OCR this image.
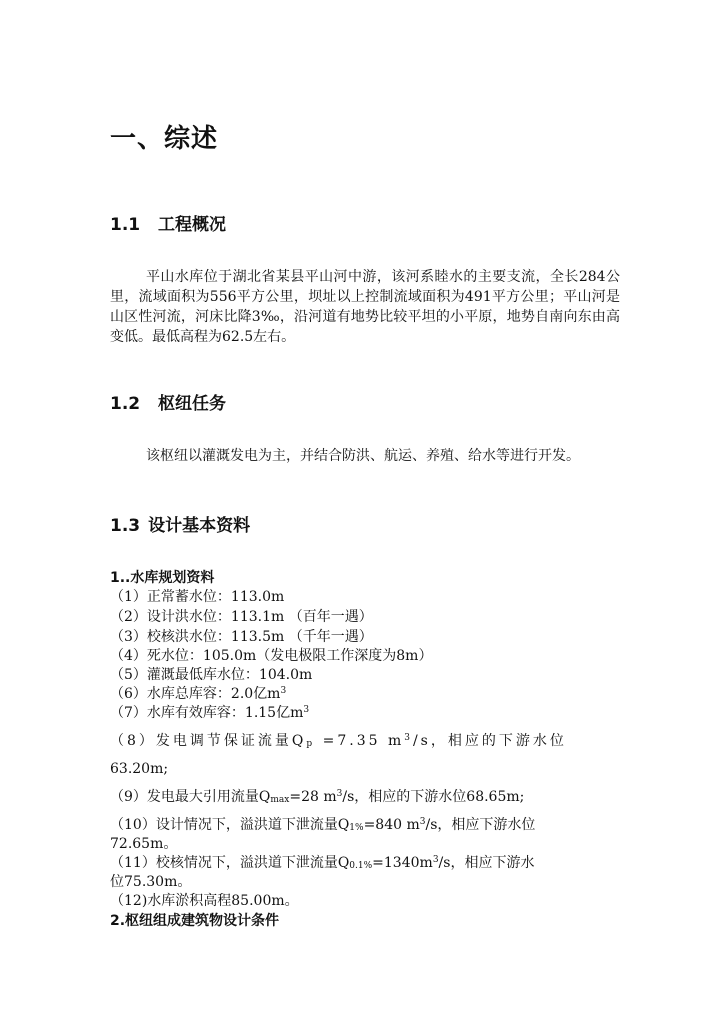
一、综述
1.1 工程概况
平山水库位于湖北省某县平山河中游，该河系睦水的主要支流，全长284公里，流域面积为556平方公里，坝址以上控制流域面积为491平方公里；平山河是山区性河流，河床比降3‰，沿河道有地势比较平坦的小平原，地势自南向东由高变低。最低高程为62.5左右。
1.2 枢纽任务
该枢纽以灌溉发电为主，并结合防洪、航运、养殖、给水等进行开发。
1.3 设计基本资料
1..水库规划资料
（1）正常蓄水位：113.0m
（2）设计洪水位：113.1m （百年一遇）
（3）校核洪水位：113.5m （千年一遇）
（4）死水位：105.0m（发电极限工作深度为8m）
（5）灌溉最低库水位：104.0m
（6）水库总库容：2.0亿$m^3$
（7）水库有效库容：1.15亿$m^3$
（8）发电调节保证流量Qp =7.35 $m^3/s$，相应的下游水位
63.20m;
（9）发电最大引用流量Qmax=28 $m^3/s$，相应的下游水位68.65m;
（10）设计情况下，溢洪道下泄流量Q1%=840 $m^3/s$，相应下游水位
72.65m。
（11）校核情况下，溢洪道下泄流量$Q0.1\%=1340m^3/s$，相应下游水
位75.30m。
（12)水库淤积高程85.00m。
2.枢纽组成建筑物设计条件
